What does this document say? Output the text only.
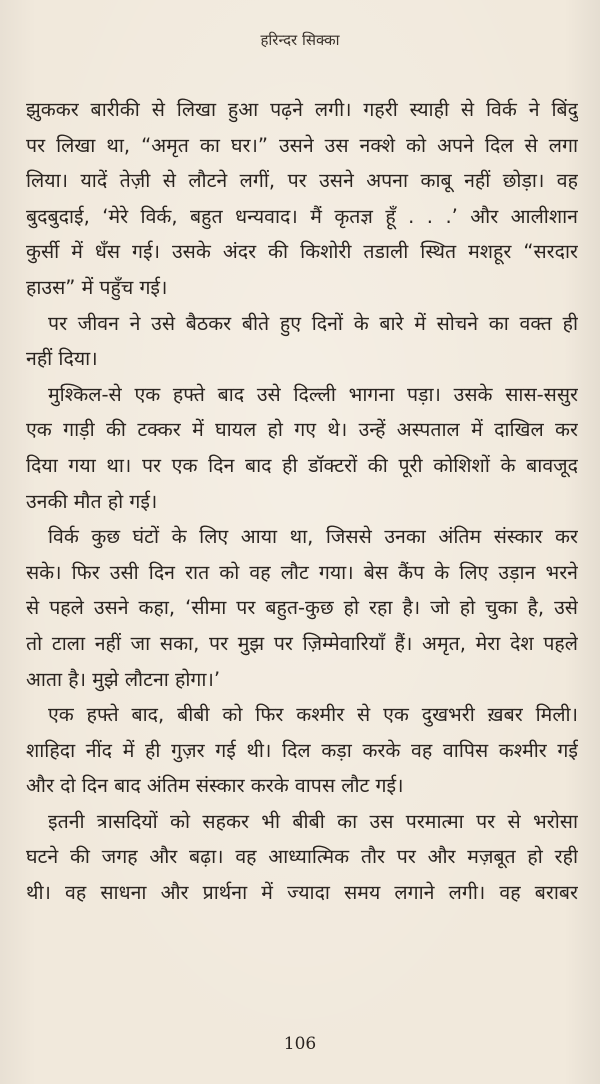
हरिन्दर सिक्का
झुककर बारीकी से लिखा हुआ पढ़ने लगी। गहरी स्याही से विर्क ने बिंदु
पर लिखा था, “अमृत का घर।” उसने उस नक्शे को अपने दिल से लगा
लिया। यादें तेज़ी से लौटने लगीं, पर उसने अपना काबू नहीं छोड़ा। वह
बुदबुदाई, ‘मेरे विर्क, बहुत धन्यवाद। मैं कृतज्ञ हूँ . . .’ और आलीशान
कुर्सी में धँस गई। उसके अंदर की किशोरी तडाली स्थित मशहूर “सरदार
हाउस” में पहुँच गई।
पर जीवन ने उसे बैठकर बीते हुए दिनों के बारे में सोचने का वक्त ही
नहीं दिया।
मुश्किल-से एक हफ्ते बाद उसे दिल्ली भागना पड़ा। उसके सास-ससुर
एक गाड़ी की टक्कर में घायल हो गए थे। उन्हें अस्पताल में दाखिल कर
दिया गया था। पर एक दिन बाद ही डॉक्टरों की पूरी कोशिशों के बावजूद
उनकी मौत हो गई।
विर्क कुछ घंटों के लिए आया था, जिससे उनका अंतिम संस्कार कर
सके। फिर उसी दिन रात को वह लौट गया। बेस कैंप के लिए उड़ान भरने
से पहले उसने कहा, ‘सीमा पर बहुत-कुछ हो रहा है। जो हो चुका है, उसे
तो टाला नहीं जा सका, पर मुझ पर ज़िम्मेवारियाँ हैं। अमृत, मेरा देश पहले
आता है। मुझे लौटना होगा।’
एक हफ्ते बाद, बीबी को फिर कश्मीर से एक दुखभरी ख़बर मिली।
शाहिदा नींद में ही गुज़र गई थी। दिल कड़ा करके वह वापिस कश्मीर गई
और दो दिन बाद अंतिम संस्कार करके वापस लौट गई।
इतनी त्रासदियों को सहकर भी बीबी का उस परमात्मा पर से भरोसा
घटने की जगह और बढ़ा। वह आध्यात्मिक तौर पर और मज़बूत हो रही
थी। वह साधना और प्रार्थना में ज्यादा समय लगाने लगी। वह बराबर
106
